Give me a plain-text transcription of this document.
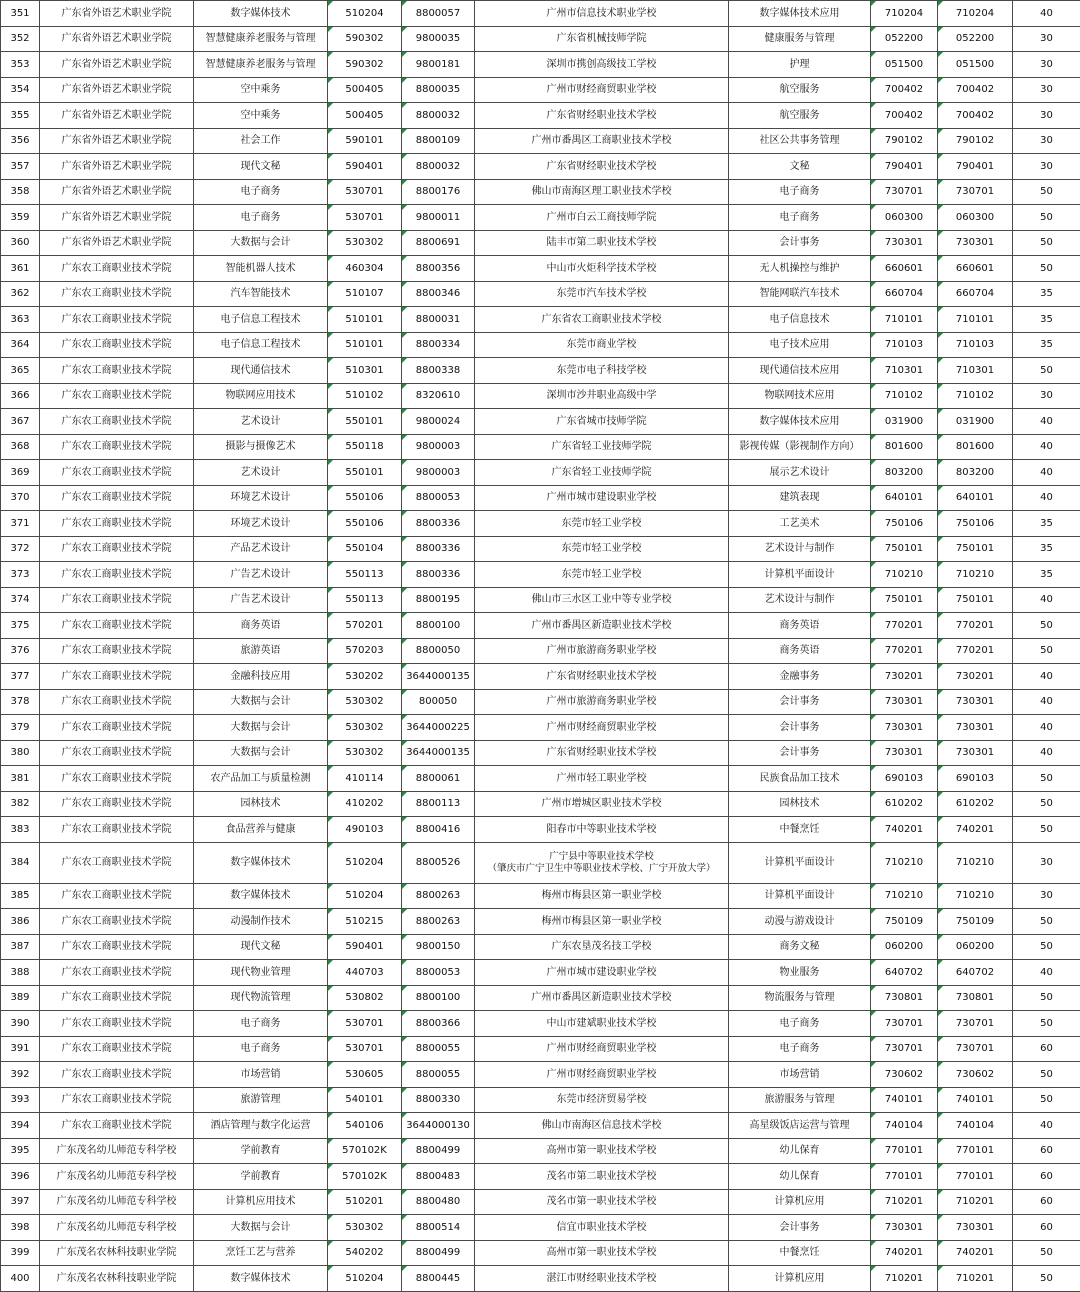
351	广东省外语艺术职业学院	数字媒体技术	510204	8800057	广州市信息技术职业学校	数字媒体技术应用	710204	710204	40
352	广东省外语艺术职业学院	智慧健康养老服务与管理	590302	9800035	广东省机械技师学院	健康服务与管理	052200	052200	30
353	广东省外语艺术职业学院	智慧健康养老服务与管理	590302	9800181	深圳市携创高级技工学校	护理	051500	051500	30
354	广东省外语艺术职业学院	空中乘务	500405	8800035	广州市财经商贸职业学校	航空服务	700402	700402	30
355	广东省外语艺术职业学院	空中乘务	500405	8800032	广东省财经职业技术学校	航空服务	700402	700402	30
356	广东省外语艺术职业学院	社会工作	590101	8800109	广州市番禺区工商职业技术学校	社区公共事务管理	790102	790102	30
357	广东省外语艺术职业学院	现代文秘	590401	8800032	广东省财经职业技术学校	文秘	790401	790401	30
358	广东省外语艺术职业学院	电子商务	530701	8800176	佛山市南海区理工职业技术学校	电子商务	730701	730701	50
359	广东省外语艺术职业学院	电子商务	530701	9800011	广州市白云工商技师学院	电子商务	060300	060300	50
360	广东省外语艺术职业学院	大数据与会计	530302	8800691	陆丰市第二职业技术学校	会计事务	730301	730301	50
361	广东农工商职业技术学院	智能机器人技术	460304	8800356	中山市火炬科学技术学校	无人机操控与维护	660601	660601	50
362	广东农工商职业技术学院	汽车智能技术	510107	8800346	东莞市汽车技术学校	智能网联汽车技术	660704	660704	35
363	广东农工商职业技术学院	电子信息工程技术	510101	8800031	广东省农工商职业技术学校	电子信息技术	710101	710101	35
364	广东农工商职业技术学院	电子信息工程技术	510101	8800334	东莞市商业学校	电子技术应用	710103	710103	35
365	广东农工商职业技术学院	现代通信技术	510301	8800338	东莞市电子科技学校	现代通信技术应用	710301	710301	50
366	广东农工商职业技术学院	物联网应用技术	510102	8320610	深圳市沙井职业高级中学	物联网技术应用	710102	710102	30
367	广东农工商职业技术学院	艺术设计	550101	9800024	广东省城市技师学院	数字媒体技术应用	031900	031900	40
368	广东农工商职业技术学院	摄影与摄像艺术	550118	9800003	广东省轻工业技师学院	影视传媒（影视制作方向）	801600	801600	40
369	广东农工商职业技术学院	艺术设计	550101	9800003	广东省轻工业技师学院	展示艺术设计	803200	803200	40
370	广东农工商职业技术学院	环境艺术设计	550106	8800053	广州市城市建设职业学校	建筑表现	640101	640101	40
371	广东农工商职业技术学院	环境艺术设计	550106	8800336	东莞市轻工业学校	工艺美术	750106	750106	35
372	广东农工商职业技术学院	产品艺术设计	550104	8800336	东莞市轻工业学校	艺术设计与制作	750101	750101	35
373	广东农工商职业技术学院	广告艺术设计	550113	8800336	东莞市轻工业学校	计算机平面设计	710210	710210	35
374	广东农工商职业技术学院	广告艺术设计	550113	8800195	佛山市三水区工业中等专业学校	艺术设计与制作	750101	750101	40
375	广东农工商职业技术学院	商务英语	570201	8800100	广州市番禺区新造职业技术学校	商务英语	770201	770201	50
376	广东农工商职业技术学院	旅游英语	570203	8800050	广州市旅游商务职业学校	商务英语	770201	770201	50
377	广东农工商职业技术学院	金融科技应用	530202	3644000135	广东省财经职业技术学校	金融事务	730201	730201	40
378	广东农工商职业技术学院	大数据与会计	530302	800050	广州市旅游商务职业学校	会计事务	730301	730301	40
379	广东农工商职业技术学院	大数据与会计	530302	3644000225	广州市财经商贸职业学校	会计事务	730301	730301	40
380	广东农工商职业技术学院	大数据与会计	530302	3644000135	广东省财经职业技术学校	会计事务	730301	730301	40
381	广东农工商职业技术学院	农产品加工与质量检测	410114	8800061	广州市轻工职业学校	民族食品加工技术	690103	690103	50
382	广东农工商职业技术学院	园林技术	410202	8800113	广州市增城区职业技术学校	园林技术	610202	610202	50
383	广东农工商职业技术学院	食品营养与健康	490103	8800416	阳春市中等职业技术学校	中餐烹饪	740201	740201	50
384	广东农工商职业技术学院	数字媒体技术	510204	8800526	广宁县中等职业技术学校
（肇庆市广宁卫生中等职业技术学校、广宁开放大学）	计算机平面设计	710210	710210	30
385	广东农工商职业技术学院	数字媒体技术	510204	8800263	梅州市梅县区第一职业学校	计算机平面设计	710210	710210	30
386	广东农工商职业技术学院	动漫制作技术	510215	8800263	梅州市梅县区第一职业学校	动漫与游戏设计	750109	750109	50
387	广东农工商职业技术学院	现代文秘	590401	9800150	广东农垦茂名技工学校	商务文秘	060200	060200	50
388	广东农工商职业技术学院	现代物业管理	440703	8800053	广州市城市建设职业学校	物业服务	640702	640702	40
389	广东农工商职业技术学院	现代物流管理	530802	8800100	广州市番禺区新造职业技术学校	物流服务与管理	730801	730801	50
390	广东农工商职业技术学院	电子商务	530701	8800366	中山市建斌职业技术学校	电子商务	730701	730701	50
391	广东农工商职业技术学院	电子商务	530701	8800055	广州市财经商贸职业学校	电子商务	730701	730701	60
392	广东农工商职业技术学院	市场营销	530605	8800055	广州市财经商贸职业学校	市场营销	730602	730602	50
393	广东农工商职业技术学院	旅游管理	540101	8800330	东莞市经济贸易学校	旅游服务与管理	740101	740101	50
394	广东农工商职业技术学院	酒店管理与数字化运营	540106	3644000130	佛山市南海区信息技术学校	高星级饭店运营与管理	740104	740104	40
395	广东茂名幼儿师范专科学校	学前教育	570102K	8800499	高州市第一职业技术学校	幼儿保育	770101	770101	60
396	广东茂名幼儿师范专科学校	学前教育	570102K	8800483	茂名市第二职业技术学校	幼儿保育	770101	770101	60
397	广东茂名幼儿师范专科学校	计算机应用技术	510201	8800480	茂名市第一职业技术学校	计算机应用	710201	710201	60
398	广东茂名幼儿师范专科学校	大数据与会计	530302	8800514	信宜市职业技术学校	会计事务	730301	730301	60
399	广东茂名农林科技职业学院	烹饪工艺与营养	540202	8800499	高州市第一职业技术学校	中餐烹饪	740201	740201	50
400	广东茂名农林科技职业学院	数字媒体技术	510204	8800445	湛江市财经职业技术学校	计算机应用	710201	710201	50
